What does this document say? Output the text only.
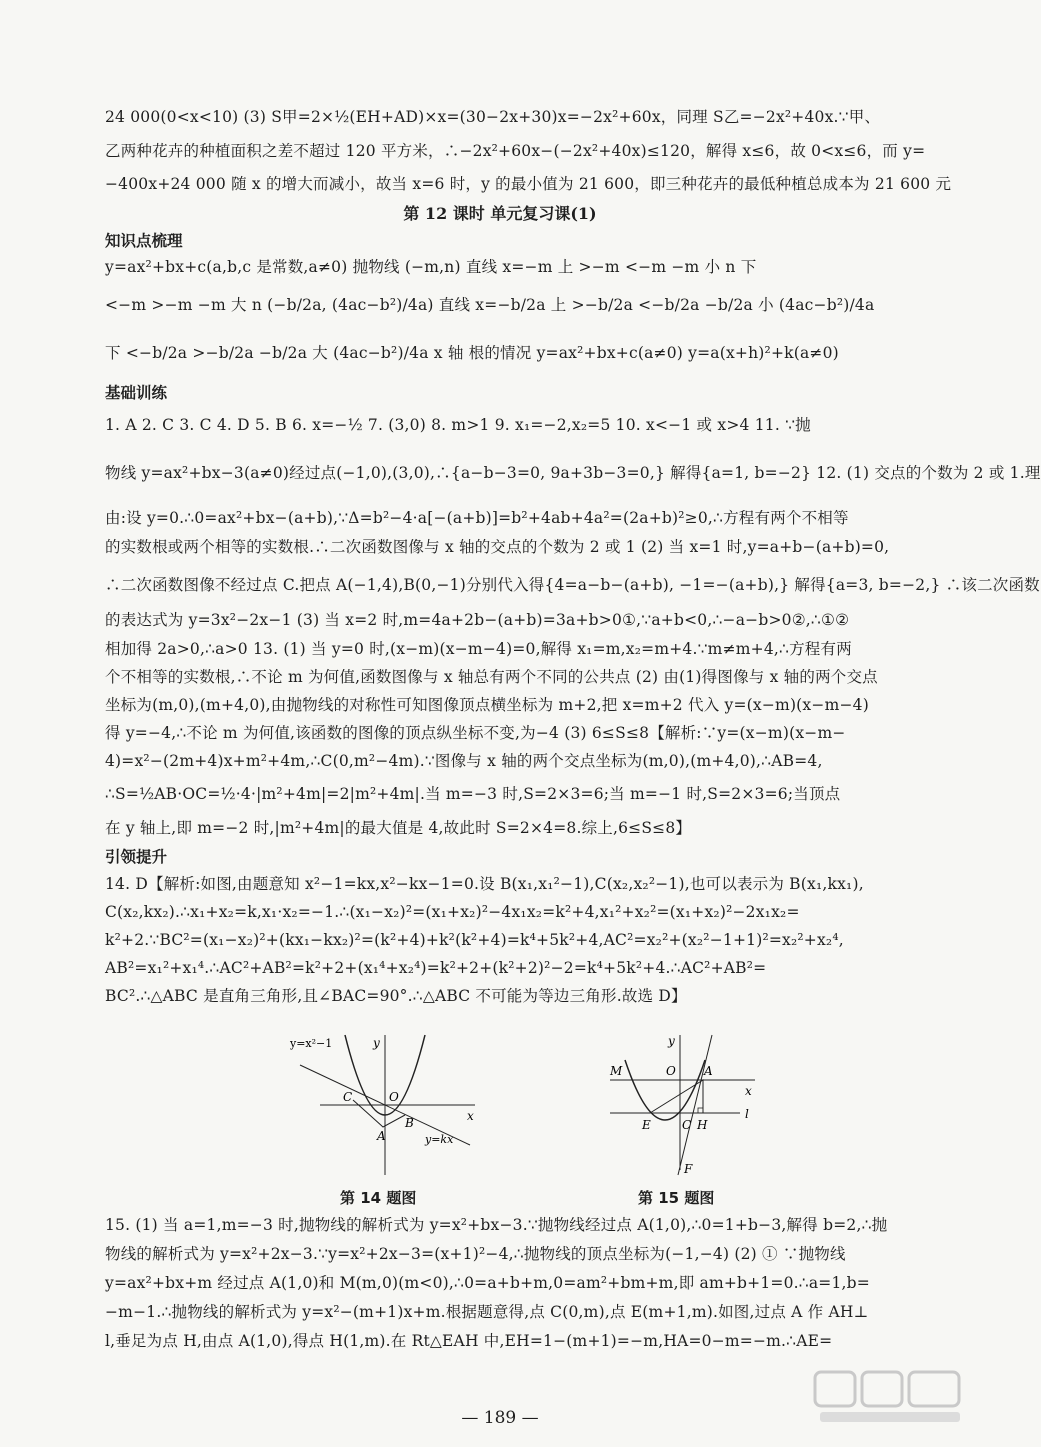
24 000(0<x<10) (3) S甲=2×½(EH+AD)×x=(30−2x+30)x=−2x²+60x，同理 S乙=−2x²+40x.∵甲、
乙两种花卉的种植面积之差不超过 120 平方米，∴−2x²+60x−(−2x²+40x)≤120，解得 x≤6，故 0<x≤6，而 y=
−400x+24 000 随 x 的增大而减小，故当 x=6 时，y 的最小值为 21 600，即三种花卉的最低种植总成本为 21 600 元
第 12 课时 单元复习课(1)
知识点梳理
y=ax²+bx+c(a,b,c 是常数,a≠0) 抛物线 (−m,n) 直线 x=−m 上 >−m <−m −m 小 n 下
<−m >−m −m 大 n (−b/2a, (4ac−b²)/4a) 直线 x=−b/2a 上 >−b/2a <−b/2a −b/2a 小 (4ac−b²)/4a
下 <−b/2a >−b/2a −b/2a 大 (4ac−b²)/4a x 轴 根的情况 y=ax²+bx+c(a≠0) y=a(x+h)²+k(a≠0)
基础训练
1. A 2. C 3. C 4. D 5. B 6. x=−½ 7. (3,0) 8. m>1 9. x₁=−2,x₂=5 10. x<−1 或 x>4 11. ∵抛
物线 y=ax²+bx−3(a≠0)经过点(−1,0),(3,0),∴{a−b−3=0, 9a+3b−3=0,} 解得{a=1, b=−2} 12. (1) 交点的个数为 2 或 1.理
由:设 y=0.∴0=ax²+bx−(a+b),∵Δ=b²−4·a[−(a+b)]=b²+4ab+4a²=(2a+b)²≥0,∴方程有两个不相等
的实数根或两个相等的实数根.∴二次函数图像与 x 轴的交点的个数为 2 或 1 (2) 当 x=1 时,y=a+b−(a+b)=0,
∴二次函数图像不经过点 C.把点 A(−1,4),B(0,−1)分别代入得{4=a−b−(a+b), −1=−(a+b),} 解得{a=3, b=−2,} ∴该二次函数
的表达式为 y=3x²−2x−1 (3) 当 x=2 时,m=4a+2b−(a+b)=3a+b>0①,∵a+b<0,∴−a−b>0②,∴①②
相加得 2a>0,∴a>0 13. (1) 当 y=0 时,(x−m)(x−m−4)=0,解得 x₁=m,x₂=m+4.∵m≠m+4,∴方程有两
个不相等的实数根,∴不论 m 为何值,函数图像与 x 轴总有两个不同的公共点 (2) 由(1)得图像与 x 轴的两个交点
坐标为(m,0),(m+4,0),由抛物线的对称性可知图像顶点横坐标为 m+2,把 x=m+2 代入 y=(x−m)(x−m−4)
得 y=−4,∴不论 m 为何值,该函数的图像的顶点纵坐标不变,为−4 (3) 6≤S≤8【解析:∵y=(x−m)(x−m−
4)=x²−(2m+4)x+m²+4m,∴C(0,m²−4m).∵图像与 x 轴的两个交点坐标为(m,0),(m+4,0),∴AB=4,
∴S=½AB·OC=½·4·|m²+4m|=2|m²+4m|.当 m=−3 时,S=2×3=6;当 m=−1 时,S=2×3=6;当顶点
在 y 轴上,即 m=−2 时,|m²+4m|的最大值是 4,故此时 S=2×4=8.综上,6≤S≤8】
引领提升
14. D【解析:如图,由题意知 x²−1=kx,x²−kx−1=0.设 B(x₁,x₁²−1),C(x₂,x₂²−1),也可以表示为 B(x₁,kx₁),
C(x₂,kx₂).∴x₁+x₂=k,x₁·x₂=−1.∴(x₁−x₂)²=(x₁+x₂)²−4x₁x₂=k²+4,x₁²+x₂²=(x₁+x₂)²−2x₁x₂=
k²+2.∵BC²=(x₁−x₂)²+(kx₁−kx₂)²=(k²+4)+k²(k²+4)=k⁴+5k²+4,AC²=x₂²+(x₂²−1+1)²=x₂²+x₂⁴,
AB²=x₁²+x₁⁴.∴AC²+AB²=k²+2+(x₁⁴+x₂⁴)=k²+2+(k²+2)²−2=k⁴+5k²+4.∴AC²+AB²=
BC².∴△ABC 是直角三角形,且∠BAC=90°.∴△ABC 不可能为等边三角形.故选 D】
y=x²−1
y=kx
y
x
O
A
B
C
第 14 题图
y
x
O A
M
l
E	C H
F
第 15 题图
15. (1) 当 a=1,m=−3 时,抛物线的解析式为 y=x²+bx−3.∵抛物线经过点 A(1,0),∴0=1+b−3,解得 b=2,∴抛
物线的解析式为 y=x²+2x−3.∵y=x²+2x−3=(x+1)²−4,∴抛物线的顶点坐标为(−1,−4) (2) ① ∵抛物线
y=ax²+bx+m 经过点 A(1,0)和 M(m,0)(m<0),∴0=a+b+m,0=am²+bm+m,即 am+b+1=0.∴a=1,b=
−m−1.∴抛物线的解析式为 y=x²−(m+1)x+m.根据题意得,点 C(0,m),点 E(m+1,m).如图,过点 A 作 AH⊥
l,垂足为点 H,由点 A(1,0),得点 H(1,m).在 Rt△EAH 中,EH=1−(m+1)=−m,HA=0−m=−m.∴AE=
— 189 —
